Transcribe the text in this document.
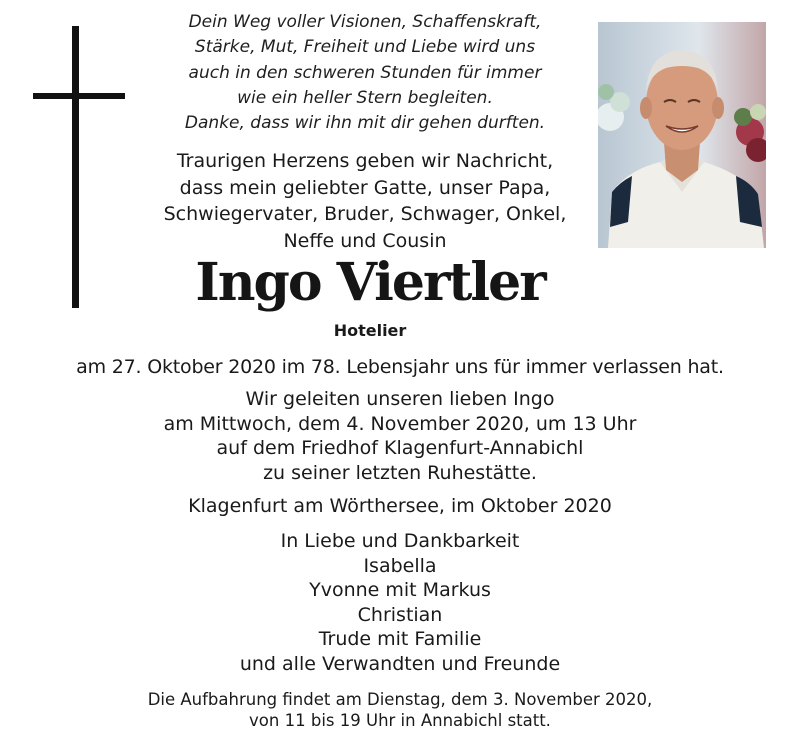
Dein Weg voller Visionen, Schaffenskraft,
Stärke, Mut, Freiheit und Liebe wird uns
auch in den schweren Stunden für immer
wie ein heller Stern begleiten.
Danke, dass wir ihn mit dir gehen durften.
Traurigen Herzens geben wir Nachricht,
dass mein geliebter Gatte, unser Papa,
Schwiegervater, Bruder, Schwager, Onkel,
Neffe und Cousin
Ingo Viertler
Hotelier
am 27. Oktober 2020 im 78. Lebensjahr uns für immer verlassen hat.
Wir geleiten unseren lieben Ingo
am Mittwoch, dem 4. November 2020, um 13 Uhr
auf dem Friedhof Klagenfurt-Annabichl
zu seiner letzten Ruhestätte.
Klagenfurt am Wörthersee, im Oktober 2020
In Liebe und Dankbarkeit
Isabella
Yvonne mit Markus
Christian
Trude mit Familie
und alle Verwandten und Freunde
Die Aufbahrung findet am Dienstag, dem 3. November 2020,
von 11 bis 19 Uhr in Annabichl statt.
